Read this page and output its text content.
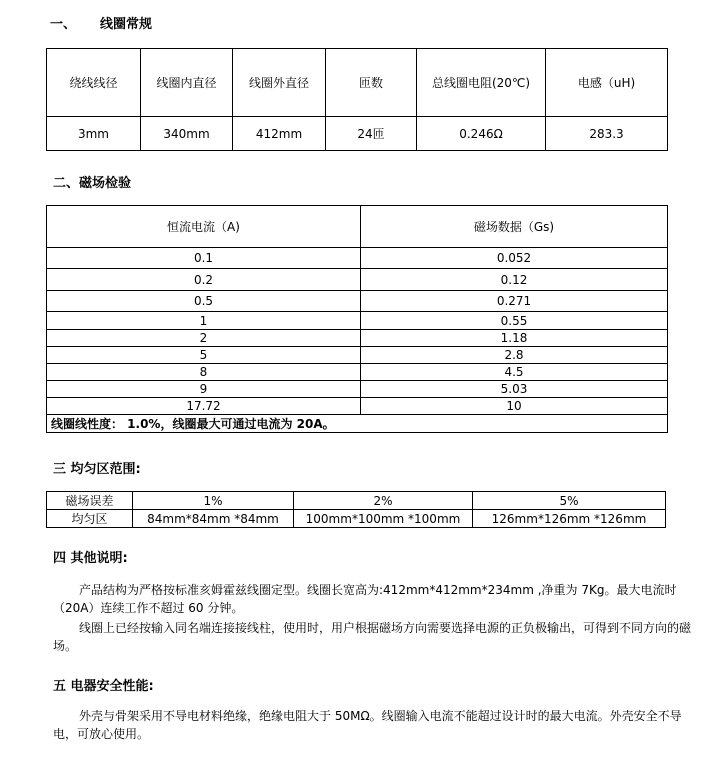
一、 线圈常规
绕线线径	线圈内直径	线圈外直径	匝数	总线圈电阻(20℃)	电感（uH)
3mm	340mm	412mm	24匝	0.246Ω	283.3
二、磁场检验
恒流电流（A)	磁场数据（Gs)
0.1	0.052
0.2	0.12
0.5	0.271
1	0.55
2	1.18
5	2.8
8	4.5
9	5.03
17.72	10
线圈线性度： 1.0%，线圈最大可通过电流为 20A。	
三 均匀区范围:
磁场误差	1%	2%	5%
均匀区	84mm*84mm *84mm	100mm*100mm *100mm	126mm*126mm *126mm
四 其他说明:
产品结构为严格按标准亥姆霍兹线圈定型。线圈长宽高为:412mm*412mm*234mm ,净重为 7Kg。最大电流时（20A）连续工作不超过 60 分钟。
线圈上已经按输入同名端连接接线柱，使用时，用户根据磁场方向需要选择电源的正负极输出，可得到不同方向的磁场。
五 电器安全性能:
外壳与骨架采用不导电材料绝缘，绝缘电阻大于 50MΩ。线圈输入电流不能超过设计时的最大电流。外壳安全不导电，可放心使用。
